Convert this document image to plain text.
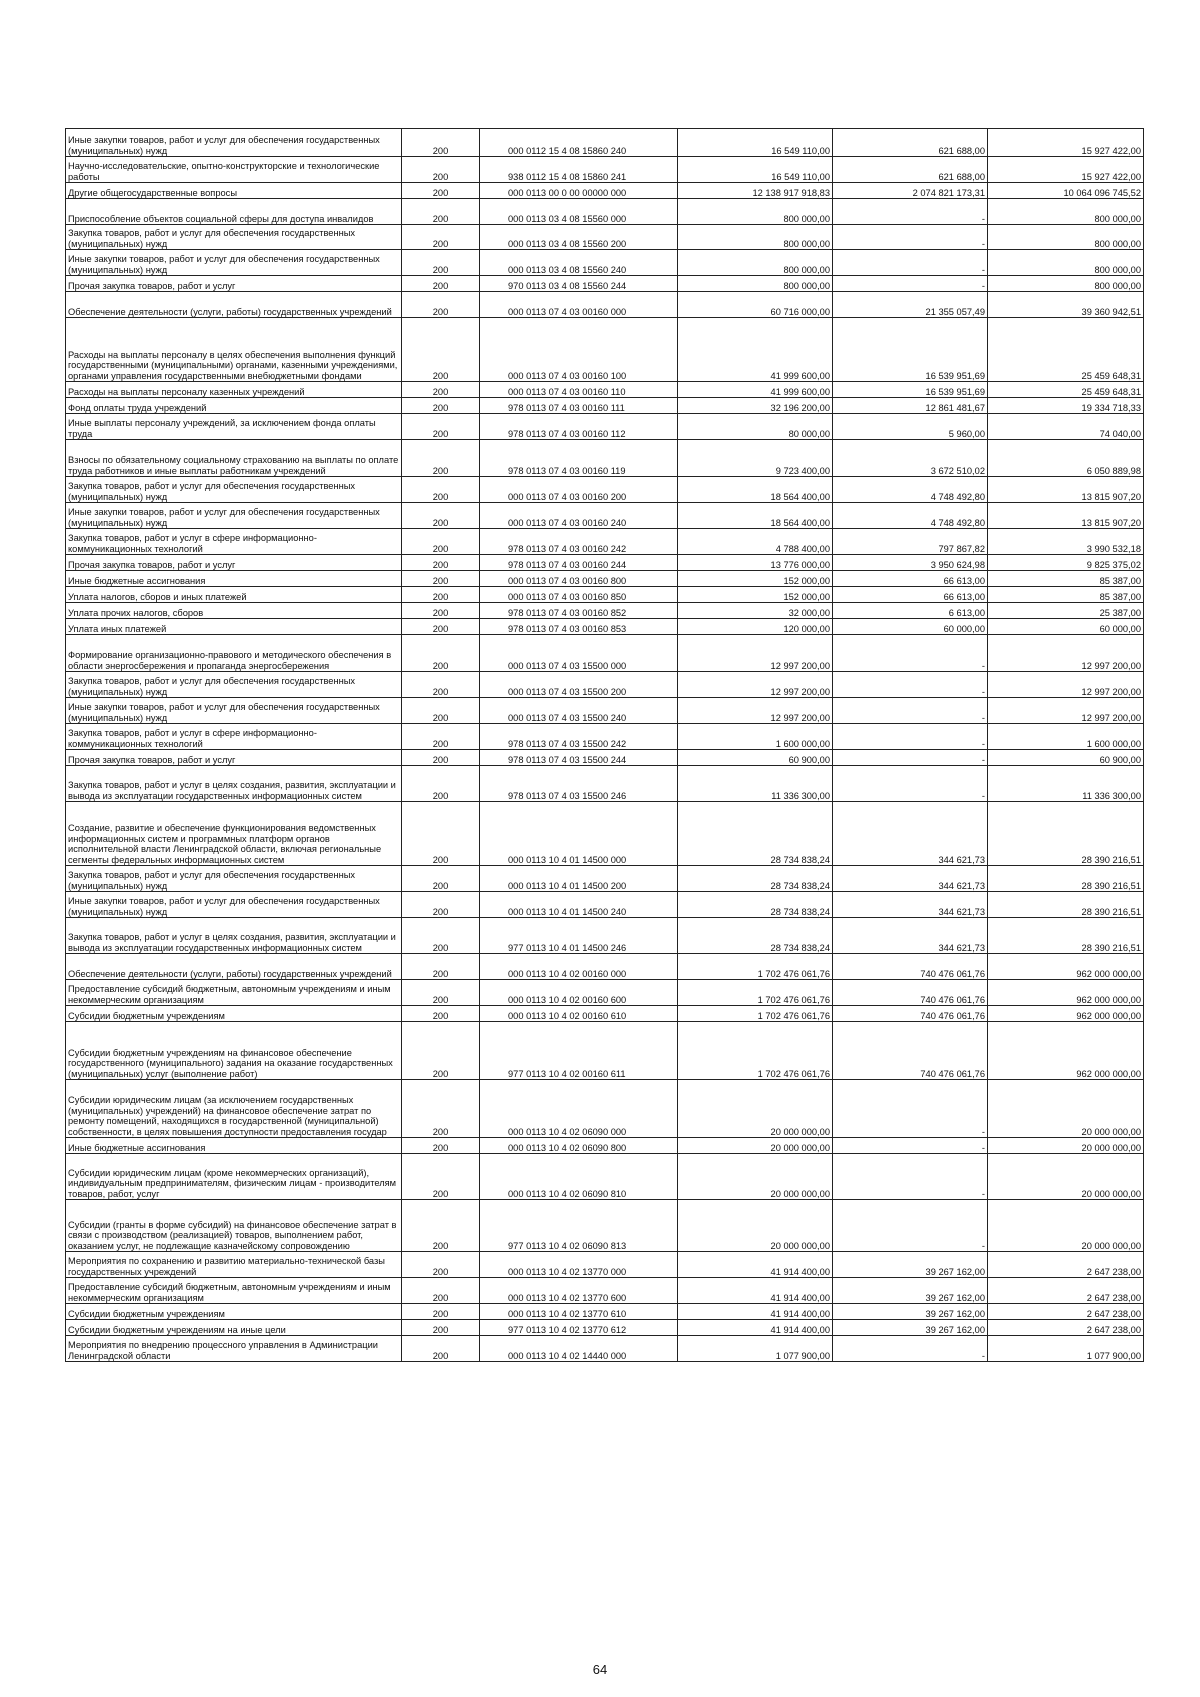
Иные закупки товаров, работ и услуг для обеспечения государственных (муниципальных) нужд	200	000 0112 15 4 08 15860 240	16 549 110,00	621 688,00	15 927 422,00
Научно-исследовательские, опытно-конструкторские и технологические работы	200	938 0112 15 4 08 15860 241	16 549 110,00	621 688,00	15 927 422,00
Другие общегосударственные вопросы	200	000 0113 00 0 00 00000 000	12 138 917 918,83	2 074 821 173,31	10 064 096 745,52
Приспособление объектов социальной сферы для доступа инвалидов	200	000 0113 03 4 08 15560 000	800 000,00	-	800 000,00
Закупка товаров, работ и услуг для обеспечения государственных (муниципальных) нужд	200	000 0113 03 4 08 15560 200	800 000,00	-	800 000,00
Иные закупки товаров, работ и услуг для обеспечения государственных (муниципальных) нужд	200	000 0113 03 4 08 15560 240	800 000,00	-	800 000,00
Прочая закупка товаров, работ и услуг	200	970 0113 03 4 08 15560 244	800 000,00	-	800 000,00
Обеспечение деятельности (услуги, работы) государственных учреждений	200	000 0113 07 4 03 00160 000	60 716 000,00	21 355 057,49	39 360 942,51
Расходы на выплаты персоналу в целях обеспечения выполнения функций государственными (муниципальными) органами, казенными учреждениями, органами управления государственными внебюджетными фондами	200	000 0113 07 4 03 00160 100	41 999 600,00	16 539 951,69	25 459 648,31
Расходы на выплаты персоналу казенных учреждений	200	000 0113 07 4 03 00160 110	41 999 600,00	16 539 951,69	25 459 648,31
Фонд оплаты труда учреждений	200	978 0113 07 4 03 00160 111	32 196 200,00	12 861 481,67	19 334 718,33
Иные выплаты персоналу учреждений, за исключением фонда оплаты труда	200	978 0113 07 4 03 00160 112	80 000,00	5 960,00	74 040,00
Взносы по обязательному социальному страхованию на выплаты по оплате труда работников и иные выплаты работникам учреждений	200	978 0113 07 4 03 00160 119	9 723 400,00	3 672 510,02	6 050 889,98
Закупка товаров, работ и услуг для обеспечения государственных (муниципальных) нужд	200	000 0113 07 4 03 00160 200	18 564 400,00	4 748 492,80	13 815 907,20
Иные закупки товаров, работ и услуг для обеспечения государственных (муниципальных) нужд	200	000 0113 07 4 03 00160 240	18 564 400,00	4 748 492,80	13 815 907,20
Закупка товаров, работ и услуг в сфере информационно-коммуникационных технологий	200	978 0113 07 4 03 00160 242	4 788 400,00	797 867,82	3 990 532,18
Прочая закупка товаров, работ и услуг	200	978 0113 07 4 03 00160 244	13 776 000,00	3 950 624,98	9 825 375,02
Иные бюджетные ассигнования	200	000 0113 07 4 03 00160 800	152 000,00	66 613,00	85 387,00
Уплата налогов, сборов и иных платежей	200	000 0113 07 4 03 00160 850	152 000,00	66 613,00	85 387,00
Уплата прочих налогов, сборов	200	978 0113 07 4 03 00160 852	32 000,00	6 613,00	25 387,00
Уплата иных платежей	200	978 0113 07 4 03 00160 853	120 000,00	60 000,00	60 000,00
Формирование организационно-правового и методического обеспечения в области энергосбережения и пропаганда энергосбережения	200	000 0113 07 4 03 15500 000	12 997 200,00	-	12 997 200,00
Закупка товаров, работ и услуг для обеспечения государственных (муниципальных) нужд	200	000 0113 07 4 03 15500 200	12 997 200,00	-	12 997 200,00
Иные закупки товаров, работ и услуг для обеспечения государственных (муниципальных) нужд	200	000 0113 07 4 03 15500 240	12 997 200,00	-	12 997 200,00
Закупка товаров, работ и услуг в сфере информационно-коммуникационных технологий	200	978 0113 07 4 03 15500 242	1 600 000,00	-	1 600 000,00
Прочая закупка товаров, работ и услуг	200	978 0113 07 4 03 15500 244	60 900,00	-	60 900,00
Закупка товаров, работ и услуг в целях создания, развития, эксплуатации и вывода из эксплуатации государственных информационных систем	200	978 0113 07 4 03 15500 246	11 336 300,00	-	11 336 300,00
Создание, развитие и обеспечение функционирования ведомственных информационных систем и программных платформ органов исполнительной власти Ленинградской области, включая региональные сегменты федеральных информационных систем	200	000 0113 10 4 01 14500 000	28 734 838,24	344 621,73	28 390 216,51
Закупка товаров, работ и услуг для обеспечения государственных (муниципальных) нужд	200	000 0113 10 4 01 14500 200	28 734 838,24	344 621,73	28 390 216,51
Иные закупки товаров, работ и услуг для обеспечения государственных (муниципальных) нужд	200	000 0113 10 4 01 14500 240	28 734 838,24	344 621,73	28 390 216,51
Закупка товаров, работ и услуг в целях создания, развития, эксплуатации и вывода из эксплуатации государственных информационных систем	200	977 0113 10 4 01 14500 246	28 734 838,24	344 621,73	28 390 216,51
Обеспечение деятельности (услуги, работы) государственных учреждений	200	000 0113 10 4 02 00160 000	1 702 476 061,76	740 476 061,76	962 000 000,00
Предоставление субсидий бюджетным, автономным учреждениям и иным некоммерческим организациям	200	000 0113 10 4 02 00160 600	1 702 476 061,76	740 476 061,76	962 000 000,00
Субсидии бюджетным учреждениям	200	000 0113 10 4 02 00160 610	1 702 476 061,76	740 476 061,76	962 000 000,00
Субсидии бюджетным учреждениям на финансовое обеспечение государственного (муниципального) задания на оказание государственных (муниципальных) услуг (выполнение работ)	200	977 0113 10 4 02 00160 611	1 702 476 061,76	740 476 061,76	962 000 000,00
Субсидии юридическим лицам (за исключением государственных (муниципальных) учреждений) на финансовое обеспечение затрат по ремонту помещений, находящихся в государственной (муниципальной) собственности, в целях повышения доступности предоставления государ	200	000 0113 10 4 02 06090 000	20 000 000,00	-	20 000 000,00
Иные бюджетные ассигнования	200	000 0113 10 4 02 06090 800	20 000 000,00	-	20 000 000,00
Субсидии юридическим лицам (кроме некоммерческих организаций), индивидуальным предпринимателям, физическим лицам - производителям товаров, работ, услуг	200	000 0113 10 4 02 06090 810	20 000 000,00	-	20 000 000,00
Субсидии (гранты в форме субсидий) на финансовое обеспечение затрат в связи с производством (реализацией) товаров, выполнением работ, оказанием услуг, не подлежащие казначейскому сопровождению	200	977 0113 10 4 02 06090 813	20 000 000,00	-	20 000 000,00
Мероприятия по сохранению и развитию материально-технической базы государственных учреждений	200	000 0113 10 4 02 13770 000	41 914 400,00	39 267 162,00	2 647 238,00
Предоставление субсидий бюджетным, автономным учреждениям и иным некоммерческим организациям	200	000 0113 10 4 02 13770 600	41 914 400,00	39 267 162,00	2 647 238,00
Субсидии бюджетным учреждениям	200	000 0113 10 4 02 13770 610	41 914 400,00	39 267 162,00	2 647 238,00
Субсидии бюджетным учреждениям на иные цели	200	977 0113 10 4 02 13770 612	41 914 400,00	39 267 162,00	2 647 238,00
Мероприятия по внедрению процессного управления в Администрации Ленинградской области	200	000 0113 10 4 02 14440 000	1 077 900,00	-	1 077 900,00
64
